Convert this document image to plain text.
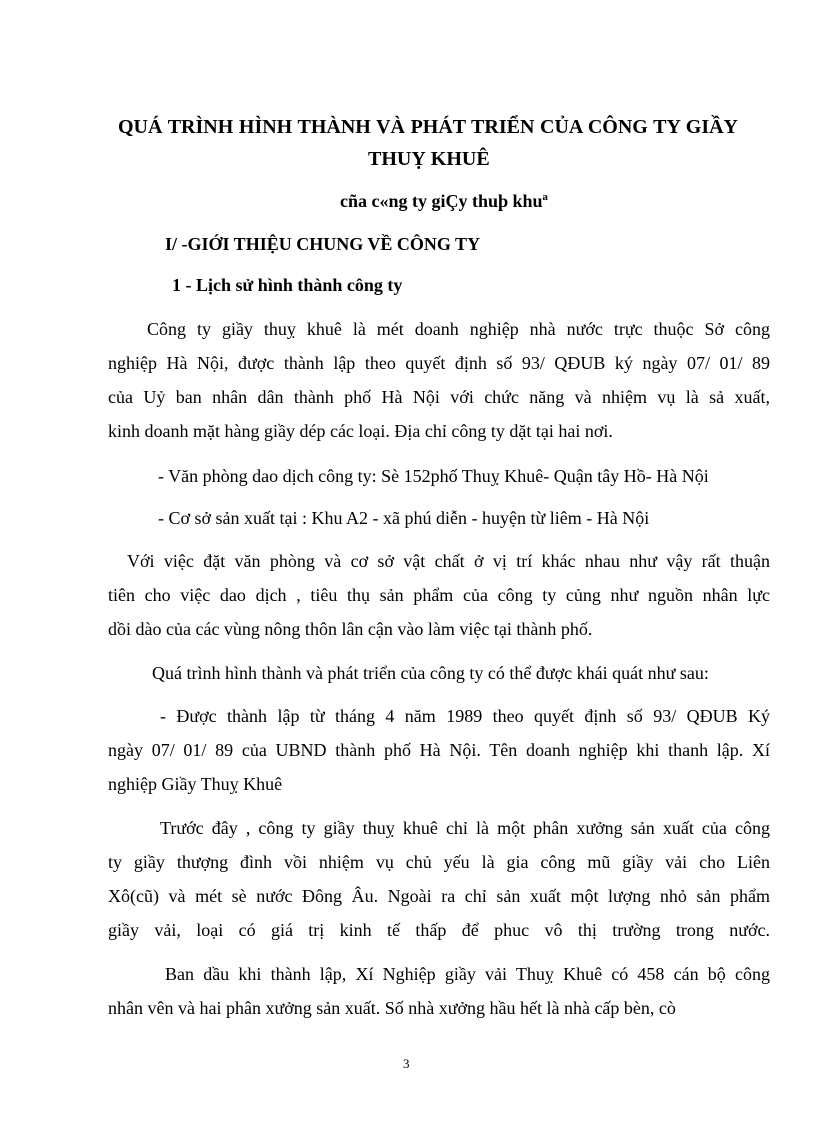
QUÁ TRÌNH HÌNH THÀNH VÀ PHÁT TRIỂN CỦA CÔNG TY GIẦY
THUỴ KHUÊ
cña c«ng ty giÇy thuþ khuª
I/ -GIỚI THIỆU CHUNG VỀ CÔNG TY
1 - Lịch sử hình thành công ty
Công ty giầy thuỵ khuê là mét doanh nghiệp nhà nước trực thuộc Sở công
nghiệp Hà Nội, được thành lập theo quyết định số 93/ QĐUB ký ngày 07/ 01/ 89
của Uỷ ban nhân dân thành phố Hà Nội với chức năng và nhiệm vụ là sả xuất,
kinh doanh mặt hàng giầy dép các loại. Địa chỉ công ty dặt tại hai nơi.
- Văn phòng dao dịch công ty: Sè 152phố Thuỵ Khuê- Quận tây Hồ- Hà Nội
- Cơ sở sản xuất tại : Khu A2 - xã phú diễn - huyện từ liêm - Hà Nội
Với việc đặt văn phòng và cơ sở vật chất ở vị trí khác nhau như vậy rất thuận
tiên cho việc dao dịch , tiêu thụ sản phẩm của công ty củng như nguồn nhân lực
dồi dào của các vùng nông thôn lân cận vào làm việc tại thành phố.
Quá trình hình thành và phát triển của công ty có thể được khái quát như sau:
- Được thành lập từ tháng 4 năm 1989 theo quyết định số 93/ QĐUB Ký
ngày 07/ 01/ 89 của UBND thành phố Hà Nội. Tên doanh nghiệp khi thanh lập. Xí
nghiệp Giầy Thuỵ Khuê
Trước đây , công ty giầy thuỵ khuê chỉ là một phân xưởng sản xuất của công
ty giầy thượng đình vồi nhiệm vụ chủ yếu là gia công mũ giầy vải cho Liên
Xô(cũ) và mét sè nước Đông Âu. Ngoài ra chỉ sản xuất một lượng nhỏ sản phẩm
giầy vải, loại có giá trị kinh tế thấp để phuc vô thị trường trong nước.
Ban dầu khi thành lập, Xí Nghiệp giầy vải Thuỵ Khuê có 458 cán bộ công
nhân vên và hai phân xưởng sản xuất. Số nhà xưởng hầu hết là nhà cấp bèn, cò
3
